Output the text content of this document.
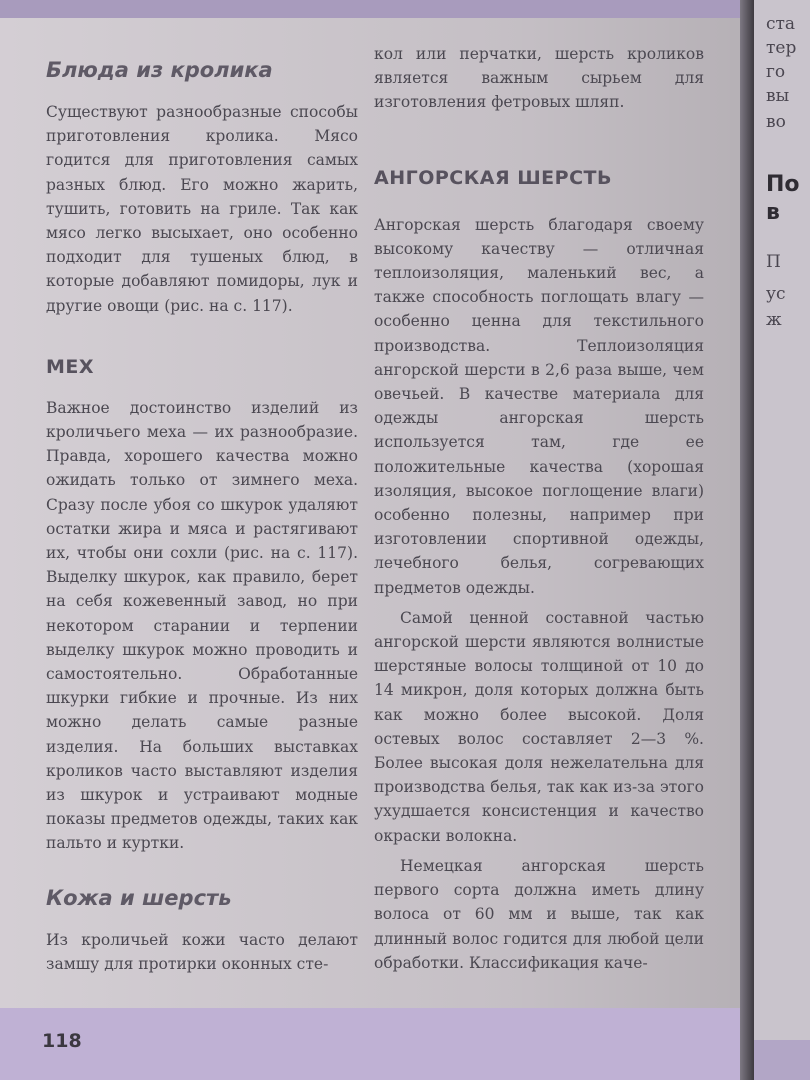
ста
тер
го
вы
во
По
в
П
ус
ж
Блюда из кролика

Существуют разнообразные способы приготовления кролика. Мясо годится для приготовления самых разных блюд. Его можно жарить, тушить, готовить на гриле. Так как мясо легко высыхает, оно особенно подходит для тушеных блюд, в которые добавляют помидоры, лук и другие овощи (рис. на с. 117).

МЕХ

Важное достоинство изделий из кроличьего меха — их разнообразие. Правда, хорошего качества можно ожидать только от зимнего меха. Сразу после убоя со шкурок удаляют остатки жира и мяса и растягивают их, чтобы они сохли (рис. на с. 117). Выделку шкурок, как правило, берет на себя кожевенный завод, но при некотором старании и терпении выделку шкурок можно проводить и самостоятельно. Обработанные шкурки гибкие и прочные. Из них можно делать самые разные изделия. На больших выставках кроликов часто выставляют изделия из шкурок и устраивают модные показы предметов одежды, таких как пальто и куртки.

Кожа и шерсть

Из кроличьей кожи часто делают замшу для протирки оконных сте-

кол или перчатки, шерсть кроликов является важным сырьем для изготовления фетровых шляп.

АНГОРСКАЯ ШЕРСТЬ

Ангорская шерсть благодаря своему высокому качеству — отличная теплоизоляция, маленький вес, а также способность поглощать влагу — особенно ценна для текстильного производства. Теплоизоляция ангорской шерсти в 2,6 раза выше, чем овечьей. В качестве материала для одежды ангорская шерсть используется там, где ее положительные качества (хорошая изоляция, высокое поглощение влаги) особенно полезны, например при изготовлении спортивной одежды, лечебного белья, согревающих предметов одежды.

Самой ценной составной частью ангорской шерсти являются волнистые шерстяные волосы толщиной от 10 до 14 микрон, доля которых должна быть как можно более высокой. Доля остевых волос составляет 2—3 %. Более высокая доля нежелательна для производства белья, так как из-за этого ухудшается консистенция и качество окраски волокна.

Немецкая ангорская шерсть первого сорта должна иметь длину волоса от 60 мм и выше, так как длинный волос годится для любой цели обработки. Классификация каче-

118
